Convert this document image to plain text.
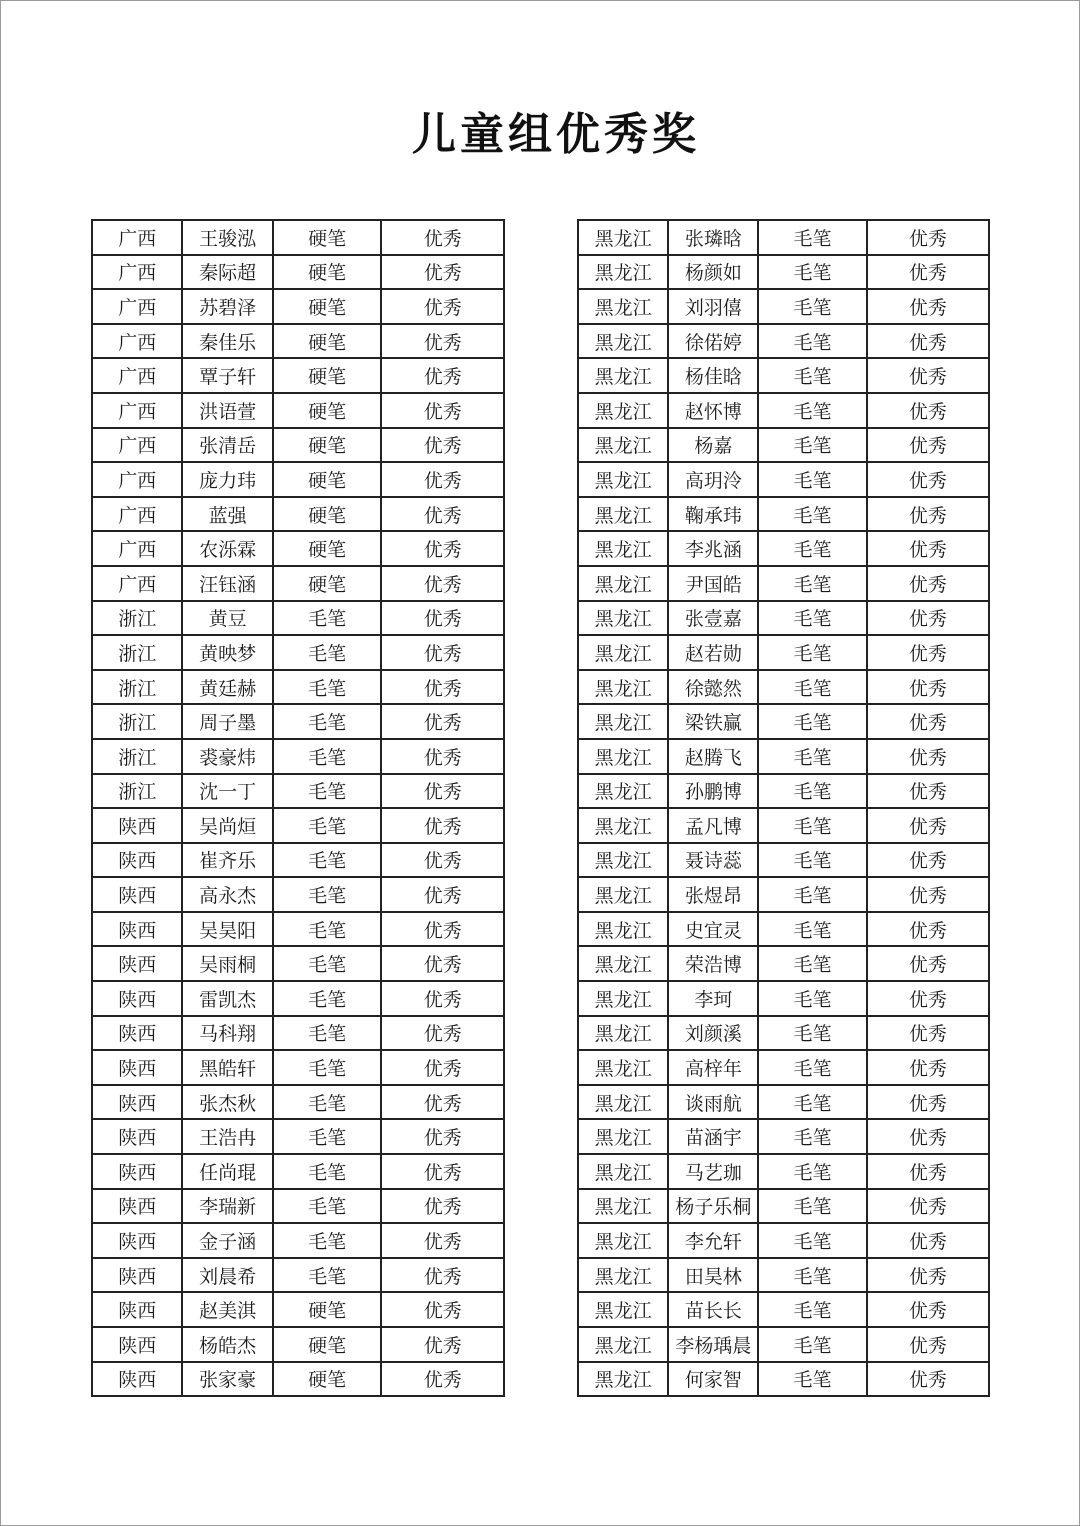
儿童组优秀奖
广西	王骏泓	硬笔	优秀
广西	秦际超	硬笔	优秀
广西	苏碧泽	硬笔	优秀
广西	秦佳乐	硬笔	优秀
广西	覃子轩	硬笔	优秀
广西	洪语萱	硬笔	优秀
广西	张清岳	硬笔	优秀
广西	庞力玮	硬笔	优秀
广西	蓝强	硬笔	优秀
广西	农泺霖	硬笔	优秀
广西	汪钰涵	硬笔	优秀
浙江	黄豆	毛笔	优秀
浙江	黄映梦	毛笔	优秀
浙江	黄廷赫	毛笔	优秀
浙江	周子墨	毛笔	优秀
浙江	裘豪炜	毛笔	优秀
浙江	沈一丁	毛笔	优秀
陕西	吴尚烜	毛笔	优秀
陕西	崔齐乐	毛笔	优秀
陕西	高永杰	毛笔	优秀
陕西	吴昊阳	毛笔	优秀
陕西	吴雨桐	毛笔	优秀
陕西	雷凯杰	毛笔	优秀
陕西	马科翔	毛笔	优秀
陕西	黑皓轩	毛笔	优秀
陕西	张杰秋	毛笔	优秀
陕西	王浩冉	毛笔	优秀
陕西	任尚琨	毛笔	优秀
陕西	李瑞新	毛笔	优秀
陕西	金子涵	毛笔	优秀
陕西	刘晨希	毛笔	优秀
陕西	赵美淇	硬笔	优秀
陕西	杨皓杰	硬笔	优秀
陕西	张家豪	硬笔	优秀
黑龙江	张璘晗	毛笔	优秀
黑龙江	杨颜如	毛笔	优秀
黑龙江	刘羽僖	毛笔	优秀
黑龙江	徐偌婷	毛笔	优秀
黑龙江	杨佳晗	毛笔	优秀
黑龙江	赵怀博	毛笔	优秀
黑龙江	杨嘉	毛笔	优秀
黑龙江	高玥泠	毛笔	优秀
黑龙江	鞠承玮	毛笔	优秀
黑龙江	李兆涵	毛笔	优秀
黑龙江	尹国皓	毛笔	优秀
黑龙江	张壹嘉	毛笔	优秀
黑龙江	赵若勋	毛笔	优秀
黑龙江	徐懿然	毛笔	优秀
黑龙江	梁铁赢	毛笔	优秀
黑龙江	赵腾飞	毛笔	优秀
黑龙江	孙鹏博	毛笔	优秀
黑龙江	孟凡博	毛笔	优秀
黑龙江	聂诗蕊	毛笔	优秀
黑龙江	张煜昂	毛笔	优秀
黑龙江	史宜灵	毛笔	优秀
黑龙江	荣浩博	毛笔	优秀
黑龙江	李珂	毛笔	优秀
黑龙江	刘颜溪	毛笔	优秀
黑龙江	高梓年	毛笔	优秀
黑龙江	谈雨航	毛笔	优秀
黑龙江	苗涵宇	毛笔	优秀
黑龙江	马艺珈	毛笔	优秀
黑龙江	杨子乐桐	毛笔	优秀
黑龙江	李允轩	毛笔	优秀
黑龙江	田昊林	毛笔	优秀
黑龙江	苗长长	毛笔	优秀
黑龙江	李杨瑀晨	毛笔	优秀
黑龙江	何家智	毛笔	优秀
